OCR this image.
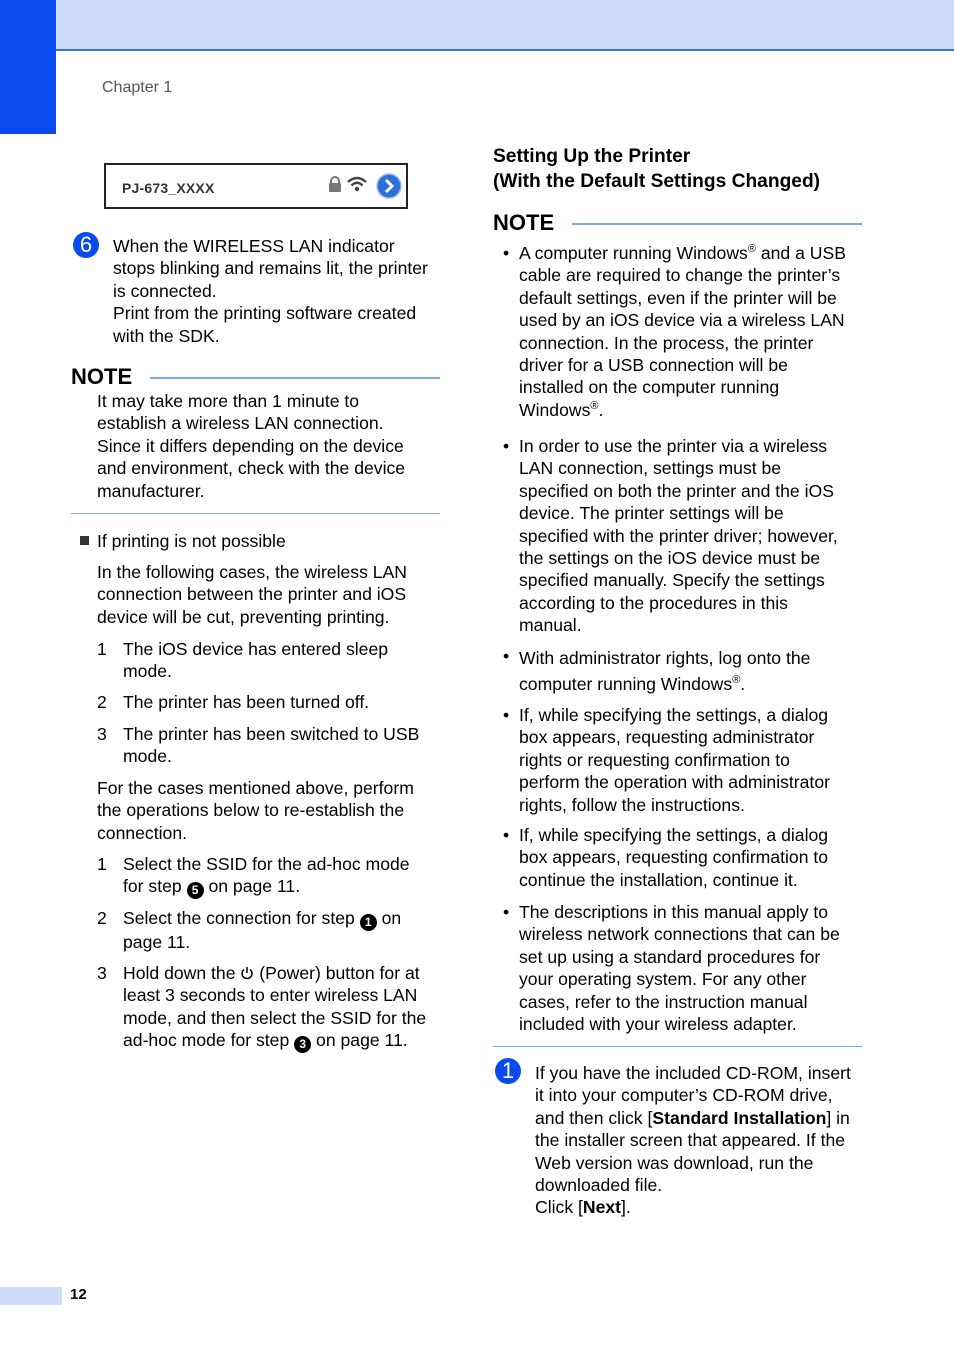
Chapter 1
PJ-673_XXXX
6	When the WIRELESS LAN indicator
stops blinking and remains lit, the printer
is connected.
Print from the printing software created
with the SDK.
NOTE
It may take more than 1 minute to
establish a wireless LAN connection.
Since it differs depending on the device
and environment, check with the device
manufacturer.
If printing is not possible
In the following cases, the wireless LAN
connection between the printer and iOS
device will be cut, preventing printing.
1 The iOS device has entered sleep
mode.
2 The printer has been turned off.
3 The printer has been switched to USB
mode.
For the cases mentioned above, perform
the operations below to re-establish the
connection.
1 Select the SSID for the ad-hoc mode
for step 5 on page 11.
2 Select the connection for step 1 on
page 11.
3 Hold down the  (Power) button for at
least 3 seconds to enter wireless LAN
mode, and then select the SSID for the
ad-hoc mode for step 3 on page 11.
Setting Up the Printer
(With the Default Settings Changed)
NOTE
• A computer running Windows® and a USB
cable are required to change the printer’s
default settings, even if the printer will be
used by an iOS device via a wireless LAN
connection. In the process, the printer
driver for a USB connection will be
installed on the computer running
Windows®.
• In order to use the printer via a wireless
LAN connection, settings must be
specified on both the printer and the iOS
device. The printer settings will be
specified with the printer driver; however,
the settings on the iOS device must be
specified manually. Specify the settings
according to the procedures in this
manual.
• With administrator rights, log onto the
computer running Windows®.
• If, while specifying the settings, a dialog
box appears, requesting administrator
rights or requesting confirmation to
perform the operation with administrator
rights, follow the instructions.
• If, while specifying the settings, a dialog
box appears, requesting confirmation to
continue the installation, continue it.
• The descriptions in this manual apply to
wireless network connections that can be
set up using a standard procedures for
your operating system. For any other
cases, refer to the instruction manual
included with your wireless adapter.
1	If you have the included CD-ROM, insert
it into your computer’s CD-ROM drive,
and then click [Standard Installation] in
the installer screen that appeared. If the
Web version was download, run the
downloaded file.
Click [Next].
12
